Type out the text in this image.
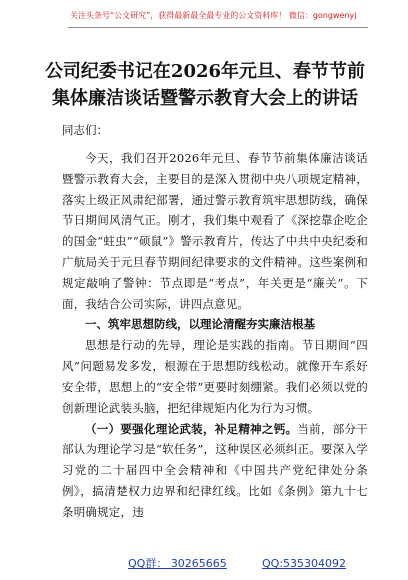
关注头条号“公文研究”，获得最新最全最专业的公文资料库！ 微信：gongwenyj
公司纪委书记在2026年元旦、春节节前集体廉洁谈话暨警示教育大会上的讲话

同志们：

今天，我们召开2026年元旦、春节节前集体廉洁谈话暨警示教育大会，主要目的是深入贯彻中央八项规定精神，落实上级正风肃纪部署，通过警示教育筑牢思想防线，确保节日期间风清气正。刚才，我们集中观看了《深挖靠企吃企的国金“蛀虫”“硕鼠”》警示教育片，传达了中共中央纪委和广航局关于元旦春节期间纪律要求的文件精神。这些案例和规定敲响了警钟：节点即是“考点”，年关更是“廉关”。下面，我结合公司实际，讲四点意见。

一、筑牢思想防线，以理论清醒夯实廉洁根基

思想是行动的先导，理论是实践的指南。节日期间“四风”问题易发多发，根源在于思想防线松动。就像开车系好安全带，思想上的“安全带”更要时刻绷紧。我们必须以党的创新理论武装头脑，把纪律规矩内化为行为习惯。

（一）要强化理论武装，补足精神之钙。当前，部分干部认为理论学习是“软任务”，这种误区必须纠正。要深入学习党的二十届四中全会精神和《中国共产党纪律处分条例》，搞清楚权力边界和纪律红线。比如《条例》第九十七条明确规定，违

QQ群： 30265665	QQ:535304092
